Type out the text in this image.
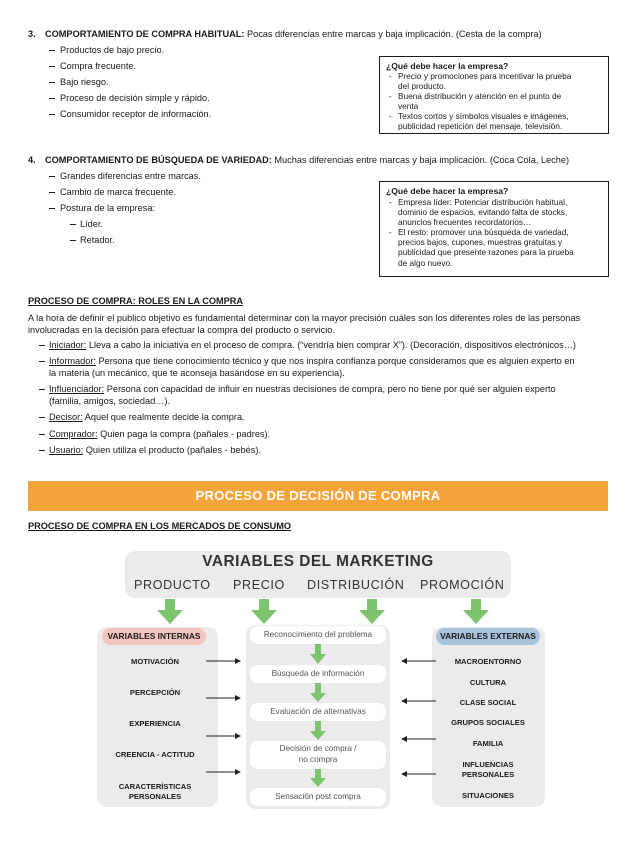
3. COMPORTAMIENTO DE COMPRA HABITUAL: Pocas diferencias entre marcas y baja implicación. (Cesta de la compra)
Productos de bajo precio.
Compra frecuente.
Bajo riesgo.
Proceso de decisión simple y rápido.
Consumidor receptor de información.
¿Qué debe hacer la empresa?
- Precio y promociones para incentivar la prueba
del producto.
- Buena distribución y atención en el punto de
venta
- Textos cortos y símbolos visuales e imágenes,
publicidad repetición del mensaje, televisión.
4. COMPORTAMIENTO DE BÚSQUEDA DE VARIEDAD: Muchas diferencias entre marcas y baja implicación. (Coca Cola, Leche)
Grandes diferencias entre marcas.
Cambio de marca frecuente.
Postura de la empresa:
Líder.
Retador.
¿Qué debe hacer la empresa?
- Empresa líder: Potenciar distribución habitual,
dominio de espacios, evitando falta de stocks,
anuncios frecuentes recordatorios…
- El resto: promover una búsqueda de variedad,
precios bajos, cupones, muestras gratuitas y
publicidad que presente razones para la prueba
de algo nuevo.
PROCESO DE COMPRA: ROLES EN LA COMPRA
A la hora de definir el publico objetivo es fundamental determinar con la mayor precisión cuáles son los diferentes roles de las personas
involucradas en la decisión para efectuar la compra del producto o servicio.
Iniciador: Lleva a cabo la iniciativa en el proceso de compra. (“vendría bien comprar X”). (Decoración, dispositivos electrónicos…)
Informador: Persona que tiene conocimiento técnico y que nos inspira confianza porque consideramos que es alguien experto en
la materia (un mecánico, que te aconseja basándose en su experiencia).
Influenciador: Persona con capacidad de influir en nuestras decisiones de compra, pero no tiene por qué ser alguien experto
(familia, amigos, sociedad…).
Decisor: Aquel que realmente decide la compra.
Comprador: Quien paga la compra (pañales - padres).
Usuario: Quien utiliza el producto (pañales - bebés).
PROCESO DE DECISIÓN DE COMPRA
PROCESO DE COMPRA EN LOS MERCADOS DE CONSUMO
VARIABLES DEL MARKETING
PRODUCTO PRECIO DISTRIBUCIÓN PROMOCIÓN
VARIABLES INTERNAS
MOTIVACIÓN
PERCEPCIÓN
EXPERIENCIA
CREENCIA - ACTITUD
CARACTERÍSTICAS
PERSONALES
VARIABLES EXTERNAS
MACROENTORNO
CULTURA
CLASE SOCIAL
GRUPOS SOCIALES
FAMILIA
INFLUENCIAS
PERSONALES
SITUACIONES
Reconocimiento del problema
Búsqueda de información
Evaluación de alternativas
Decisión de compra /
no compra
Sensación post compra
